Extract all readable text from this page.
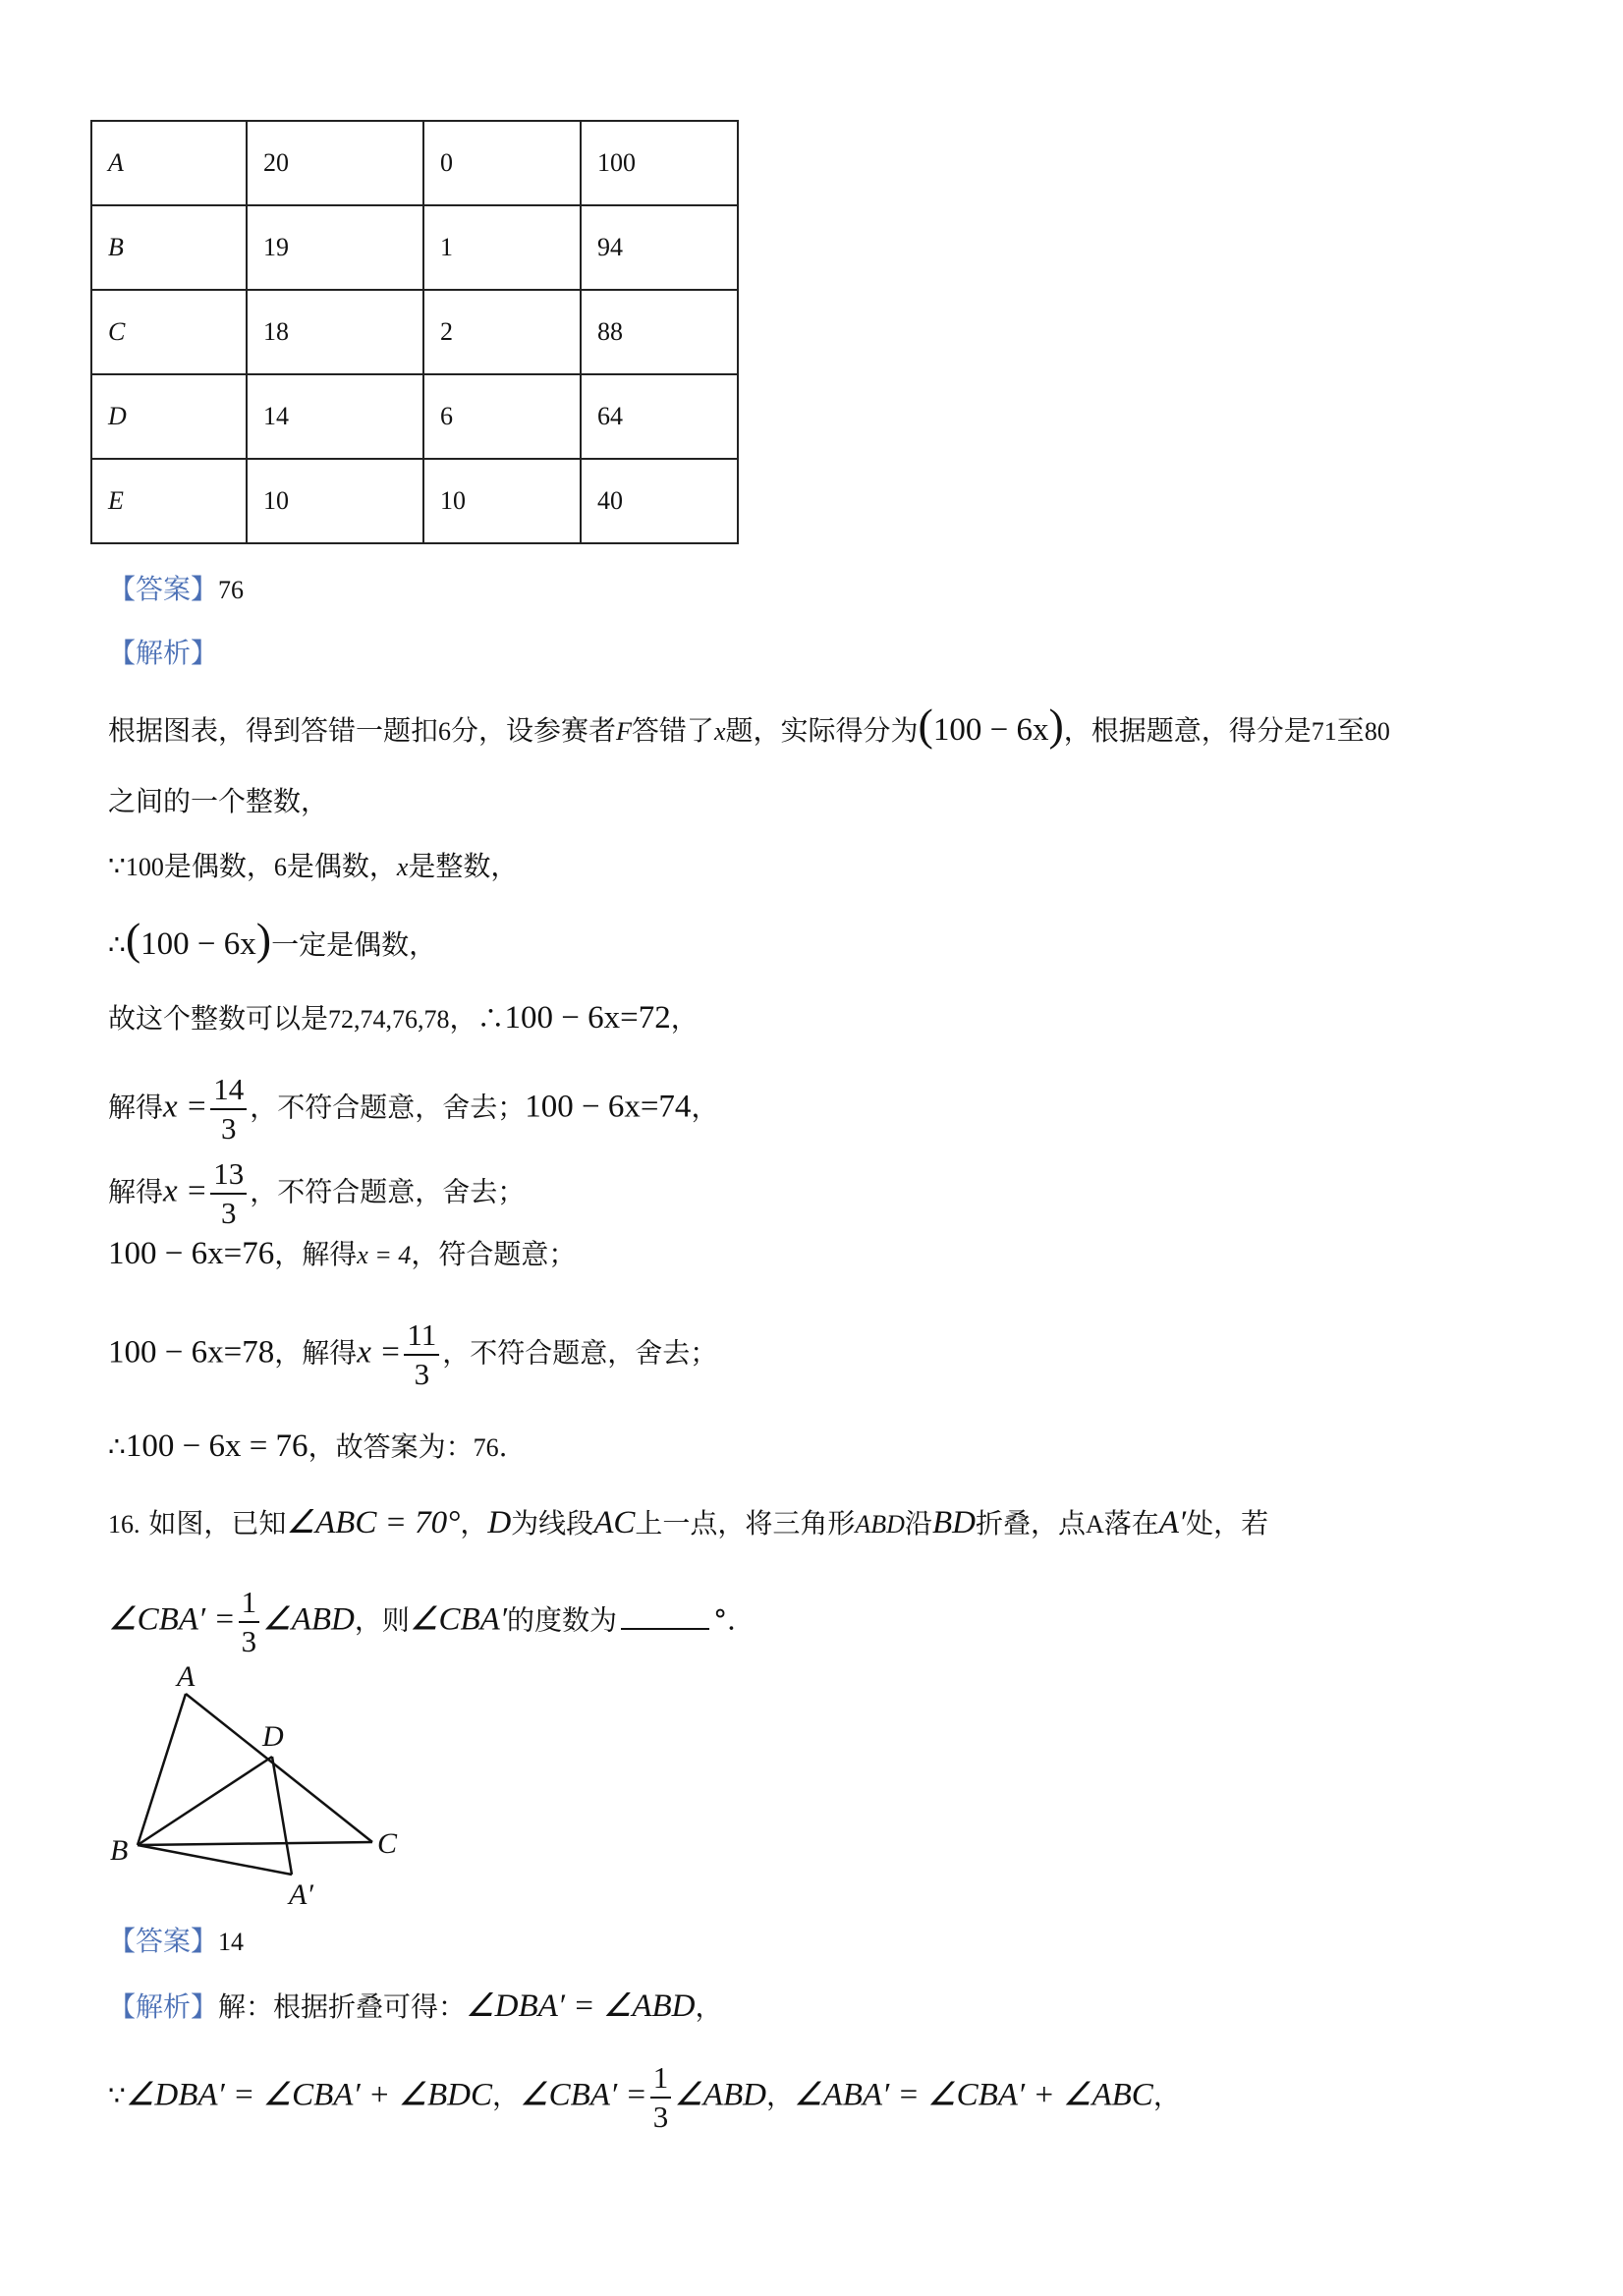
A	20	0	100
B	19	1	94
C	18	2	88
D	14	6	64
E	10	10	40
【答案】76
【解析】
根据图表，得到答错一题扣6分，设参赛者F答错了x题，实际得分为(100 − 6x)，根据题意，得分是71至80
之间的一个整数，
∵100是偶数，6是偶数，x是整数，
∴(100 − 6x)一定是偶数，
故这个整数可以是72,74,76,78，∴100 − 6x=72，
解得$x = \frac{14}{3}$ ，不符合题意，舍去；100 − 6x=74，
解得$x = \frac{13}{3}$ ，不符合题意，舍去；
100 − 6x=76，解得x = 4，符合题意；
100 − 6x=78，解得$x = \frac{11}{3}$ ，不符合题意，舍去；
∴100 − 6x = 76，故答案为：76.
16. 如图，已知∠ABC = 70°，D为线段AC上一点，将三角形ABD沿BD折叠，点A落在A′处，若
∠CBA′ = $\frac{1}{3}$ ∠ABD，则∠CBA′的度数为	°．
A
D
B	C
A′
【答案】14
【解析】解：根据折叠可得：∠DBA′ = ∠ABD，
∵∠DBA′ = ∠CBA′ + ∠BDC，∠CBA′ = $\frac{1}{3}$ ∠ABD，∠ABA′ = ∠CBA′ + ∠ABC，
